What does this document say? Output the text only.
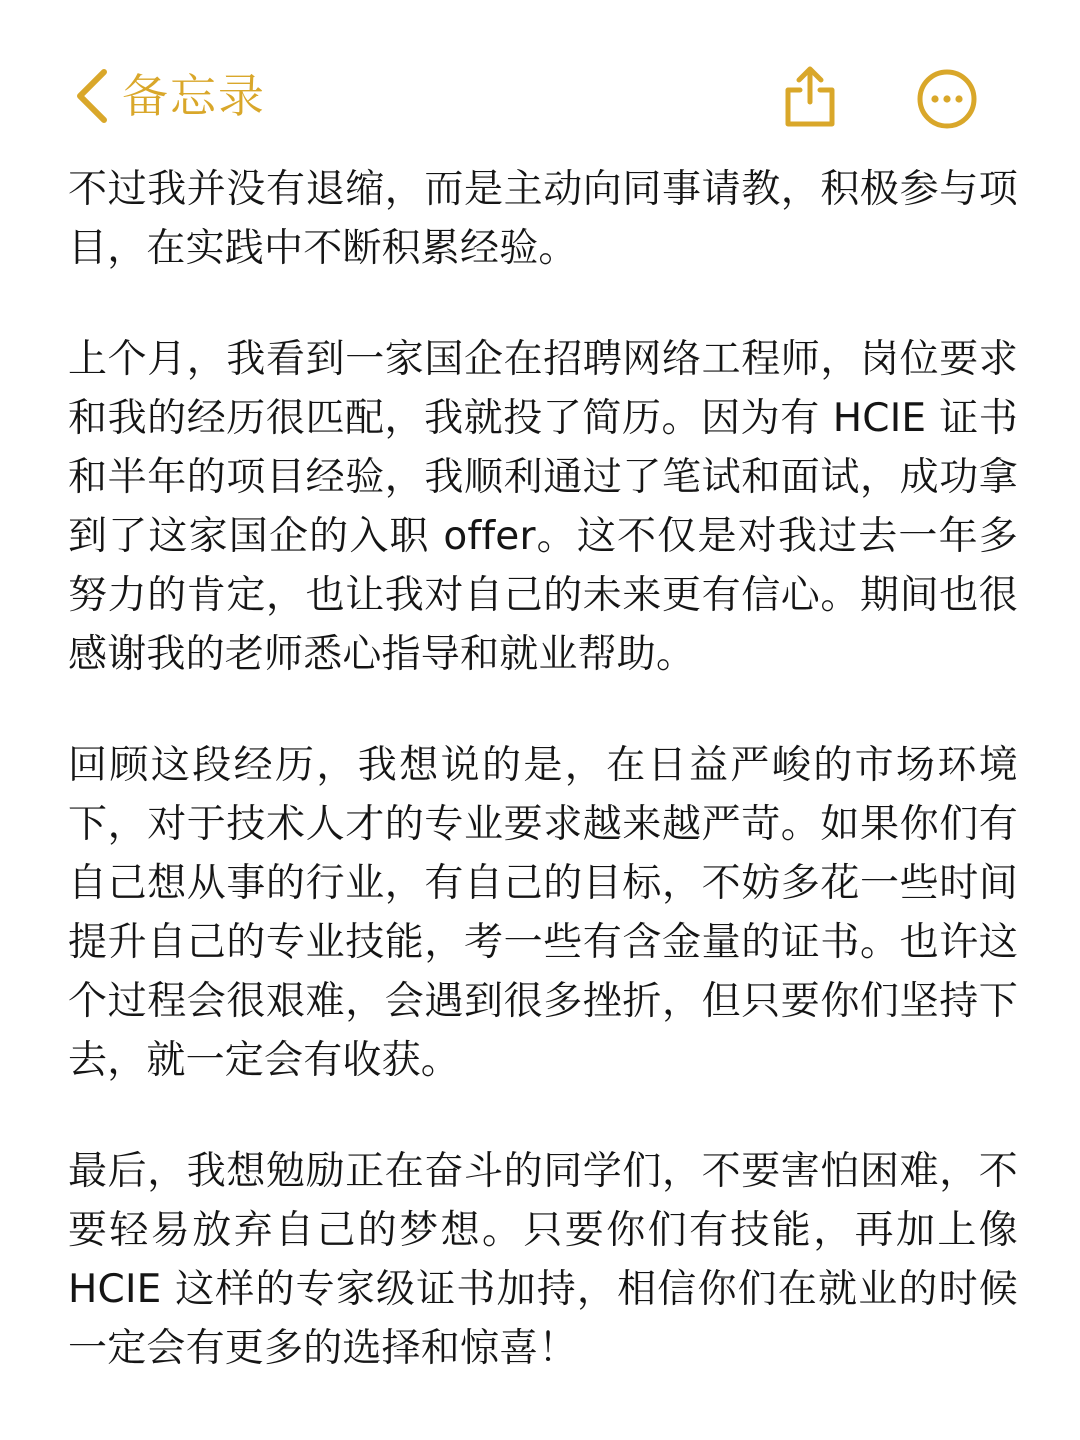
备忘录

不过我并没有退缩，而是主动向同事请教，积极参与项目，在实践中不断积累经验。

上个月，我看到一家国企在招聘网络工程师，岗位要求和我的经历很匹配，我就投了简历。因为有 HCIE 证书和半年的项目经验，我顺利通过了笔试和面试，成功拿到了这家国企的入职 offer。这不仅是对我过去一年多努力的肯定，也让我对自己的未来更有信心。期间也很感谢我的老师悉心指导和就业帮助。

回顾这段经历，我想说的是，在日益严峻的市场环境下，对于技术人才的专业要求越来越严苛。如果你们有自己想从事的行业，有自己的目标，不妨多花一些时间提升自己的专业技能，考一些有含金量的证书。也许这个过程会很艰难，会遇到很多挫折，但只要你们坚持下去，就一定会有收获。

最后，我想勉励正在奋斗的同学们，不要害怕困难，不要轻易放弃自己的梦想。只要你们有技能，再加上像 HCIE 这样的专家级证书加持，相信你们在就业的时候一定会有更多的选择和惊喜！
